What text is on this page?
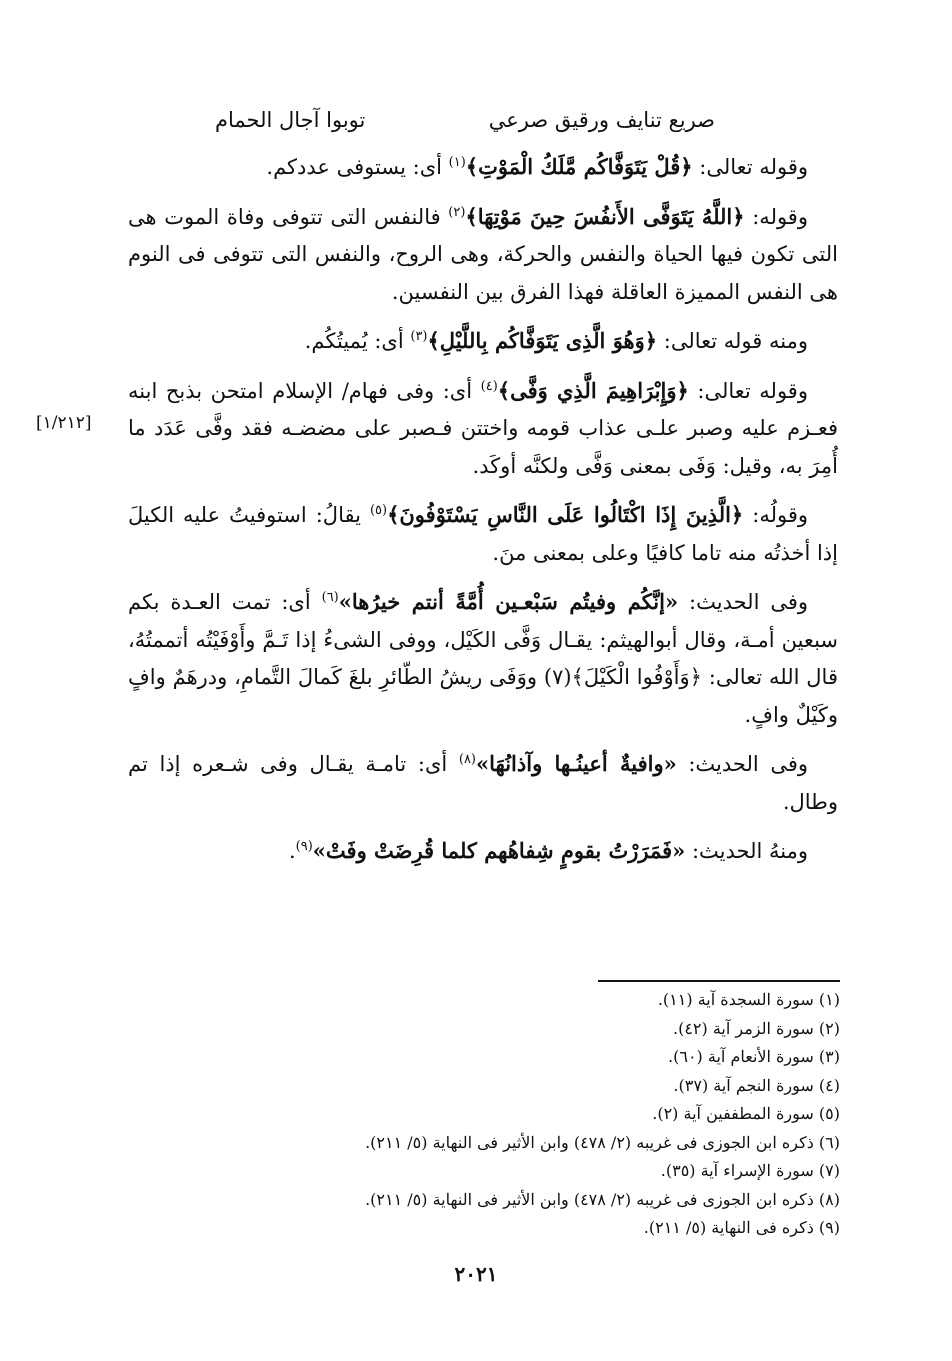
صريع تنايف ورقيق صرعي
توبوا آجال الحمام
[١/٢١٢]

وقوله تعالى: ﴿قُلْ يَتَوَفَّاكُم مَّلَكُ الْمَوْتِ﴾$^{(١)}$ أى: يستوفى عددكم.

وقوله: ﴿اللَّهُ يَتَوَفَّى الأَنفُسَ حِينَ مَوْتِهَا﴾$^{(٢)}$ فالنفس التى تتوفى وفاة الموت هى التى تكون فيها الحياة والنفس والحركة، وهى الروح، والنفس التى تتوفى فى النوم هى النفس المميزة العاقلة فهذا الفرق بين النفسين.

ومنه قوله تعالى: ﴿وَهُوَ الَّذِى يَتَوَفَّاكُم بِاللَّيْلِ﴾$^{(٣)}$ أى: يُميتُكُم.

وقوله تعالى: ﴿وَإِبْرَاهِيمَ الَّذِي وَفَّى﴾$^{(٤)}$ أى: وفى فهام/ الإسلام امتحن بذبح ابنه فعـزم عليه وصبر علـى عذاب قومه واختتن فـصبر على مضضـه فقد وفَّى عَدَد ما أُمِرَ به، وقيل: وَفَى بمعنى وَفَّى ولكنَّه أوكَد.

وقولُه: ﴿الَّذِينَ إِذَا اكْتَالُوا عَلَى النَّاسِ يَسْتَوْفُونَ﴾$^{(٥)}$ يقالُ: استوفيتُ عليه الكيلَ إذا أخذتُه منه تاما كافيًا وعلى بمعنى منَ.

وفى الحديث: «إنَّكُم وفيتُم سَبْعـين أُمَّةً أنتم خيرُها»$^{(٦)}$ أى: تمت العـدة بكم سبعين أمـة، وقال أبوالهيثم: يقـال وَفَّى الكَيْل، ووفى الشىءُ إذا تَـمَّ وأَوْفَيْتُه أتممتُهُ، قال الله تعالى: ﴿وَأَوْفُوا الْكَيْلَ﴾(٧) ووَفَى ريشُ الطّائرِ بلغَ كَمالَ التَّمامِ، ودرهَمٌ وافٍ وكَيْلٌ وافٍ.

وفى الحديث: «وافيةٌ أعينُـها وآذانُهَا»$^{(٨)}$ أى: تامـة يقـال وفى شـعره إذا تم وطال.

ومنهُ الحديث: «فَمَرَرْتُ بقومٍ شِفاهُهم كلما قُرِضَتْ وفَتْ»$^{(٩)}$.

(١) سورة السجدة آية (١١).
(٢) سورة الزمر آية (٤٢).
(٣) سورة الأنعام آية (٦٠).
(٤) سورة النجم آية (٣٧).
(٥) سورة المطففين آية (٢).
(٦) ذكره ابن الجوزى فى غريبه (٢/ ٤٧٨) وابن الأثير فى النهاية (٥/ ٢١١).
(٧) سورة الإسراء آية (٣٥).
(٨) ذكره ابن الجوزى فى غريبه (٢/ ٤٧٨) وابن الأثير فى النهاية (٥/ ٢١١).
(٩) ذكره فى النهاية (٥/ ٢١١).
٢٠٢١
